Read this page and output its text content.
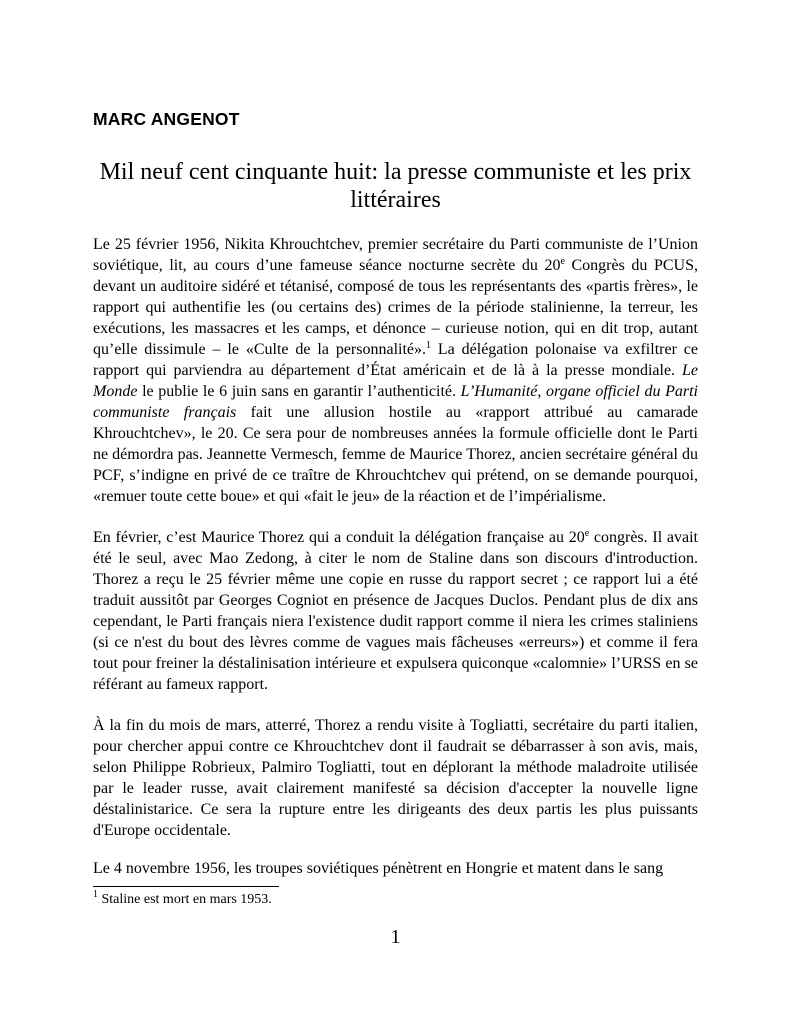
MARC ANGENOT
Mil neuf cent cinquante huit: la presse communiste et les prix littéraires

Le 25 février 1956, Nikita Khrouchtchev, premier secrétaire du Parti communiste de l’Union soviétique, lit, au cours d’une fameuse séance nocturne secrète du 20e Congrès du PCUS, devant un auditoire sidéré et tétanisé, composé de tous les représentants des «partis frères», le rapport qui authentifie les (ou certains des) crimes de la période stalinienne, la terreur, les exécutions, les massacres et les camps, et dénonce – curieuse notion, qui en dit trop, autant qu’elle dissimule – le «Culte de la personnalité».$^1$ La délégation polonaise va exfiltrer ce rapport qui parviendra au département d’État américain et de là à la presse mondiale. Le Monde le publie le 6 juin sans en garantir l’authenticité. L’Humanité, organe officiel du Parti communiste français fait une allusion hostile au «rapport attribué au camarade Khrouchtchev», le 20. Ce sera pour de nombreuses années la formule officielle dont le Parti ne démordra pas. Jeannette Vermesch, femme de Maurice Thorez, ancien secrétaire général du PCF, s’indigne en privé de ce traître de Khrouchtchev qui prétend, on se demande pourquoi, «remuer toute cette boue» et qui «fait le jeu» de la réaction et de l’impérialisme.

En février, c’est Maurice Thorez qui a conduit la délégation française au 20e congrès. Il avait été le seul, avec Mao Zedong, à citer le nom de Staline dans son discours d'introduction. Thorez a reçu le 25 février même une copie en russe du rapport secret ; ce rapport lui a été traduit aussitôt par Georges Cogniot en présence de Jacques Duclos. Pendant plus de dix ans cependant, le Parti français niera l'existence dudit rapport comme il niera les crimes staliniens (si ce n'est du bout des lèvres comme de vagues mais fâcheuses «erreurs») et comme il fera tout pour freiner la déstalinisation intérieure et expulsera quiconque «calomnie» l’URSS en se référant au fameux rapport.

À la fin du mois de mars, atterré, Thorez a rendu visite à Togliatti, secrétaire du parti italien, pour chercher appui contre ce Khrouchtchev dont il faudrait se débarrasser à son avis, mais, selon Philippe Robrieux, Palmiro Togliatti, tout en déplorant la méthode maladroite utilisée par le leader russe, avait clairement manifesté sa décision d'accepter la nouvelle ligne déstalinistarice. Ce sera la rupture entre les dirigeants des deux partis les plus puissants d'Europe occidentale.

Le 4 novembre 1956, les troupes soviétiques pénètrent en Hongrie et matent dans le sang

$^1$ Staline est mort en mars 1953.
1
